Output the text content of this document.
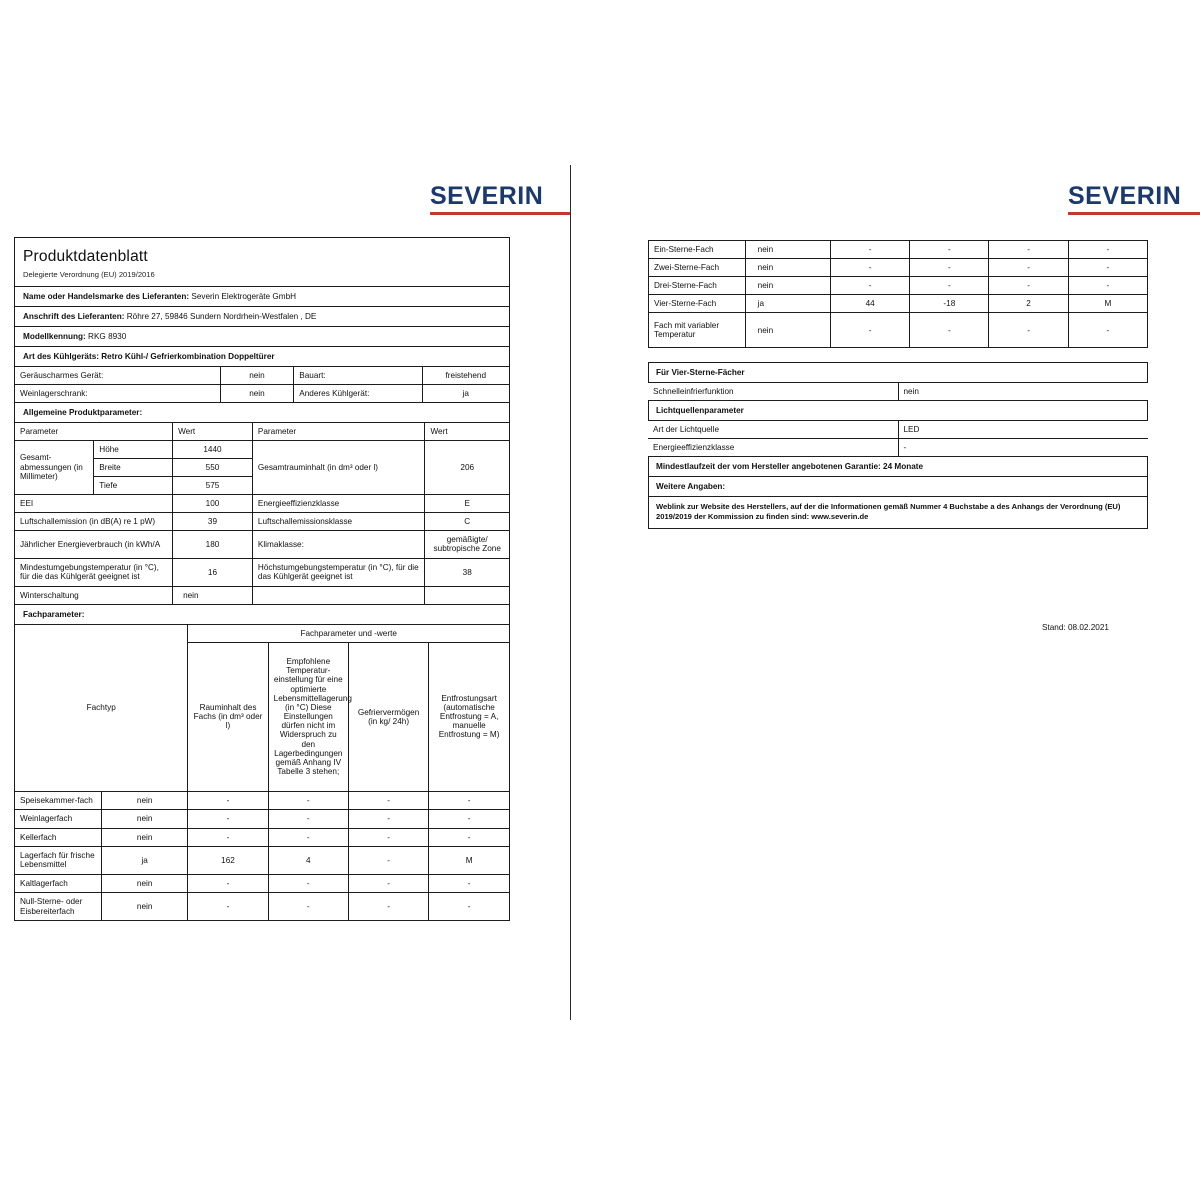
SEVERIN	SEVERIN
Produktdatenblatt
Delegierte Verordnung (EU) 2019/2016
Name oder Handelsmarke des Lieferanten: Severin Elektrogeräte GmbH
Anschrift des Lieferanten: Röhre 27, 59846 Sundern Nordrhein-Westfalen , DE
Modellkennung: RKG 8930
Art des Kühlgeräts: Retro Kühl-/ Gefrierkombination Doppeltürer
Geräuscharmes Gerät:	nein	Bauart:	freistehend
Weinlagerschrank:	nein	Anderes Kühlgerät:	ja
Allgemeine Produktparameter:
Parameter		Wert	Parameter	Wert
Gesamt-abmessungen (in Millimeter)	Höhe	1440	Gesamtrauminhalt (in dm³ oder l)	206
	Breite	550		
	Tiefe	575		
EEI		100	Energieeffizienzklasse	E
Luftschallemission (in dB(A) re 1 pW)		39	Luftschallemissionsklasse	C
Jährlicher Energieverbrauch (in kWh/A		180	Klimaklasse:	gemäßigte/ subtropische Zone
Mindestumgebungstemperatur (in °C), für die das Kühlgerät geeignet ist		16	Höchstumgebungstemperatur (in °C), für die das Kühlgerät geeignet ist	38
Winterschaltung		nein		
Fachparameter:
Fachtyp		Fachparameter und -werte			
		Rauminhalt des Fachs (in dm³ oder l)	Empfohlene Temperatur-einstellung für eine optimierte Lebensmittellagerung (in °C) Diese Einstellungen dürfen nicht im Widerspruch zu den Lagerbedingungen gemäß Anhang IV Tabelle 3 stehen;	Gefriervermögen (in kg/ 24h)	Entfrostungsart (automatische Entfrostung = A, manuelle Entfrostung = M)
Speisekammer-fach	nein	-	-	-	-
Weinlagerfach	nein	-	-	-	-
Kellerfach	nein	-	-	-	-
Lagerfach für frische Lebensmittel	ja	162	4	-	M
Kaltlagerfach	nein	-	-	-	-
Null-Sterne- oder Eisbereiterfach	nein	-	-	-	-
Ein-Sterne-Fach	nein	-	-	-	-
Zwei-Sterne-Fach	nein	-	-	-	-
Drei-Sterne-Fach	nein	-	-	-	-
Vier-Sterne-Fach	ja	44	-18	2	M
Fach mit variabler Temperatur	nein	-	-	-	-
Für Vier-Sterne-Fächer
Schnelleinfrierfunktion	nein
Lichtquellenparameter
Art der Lichtquelle	LED
Energieeffizienzklasse	-
Mindestlaufzeit der vom Hersteller angebotenen Garantie: 24 Monate
Weitere Angaben:
Weblink zur Website des Herstellers, auf der die Informationen gemäß Nummer 4 Buchstabe a des Anhangs der Verordnung (EU) 2019/2019 der Kommission zu finden sind: www.severin.de
Stand: 08.02.2021
